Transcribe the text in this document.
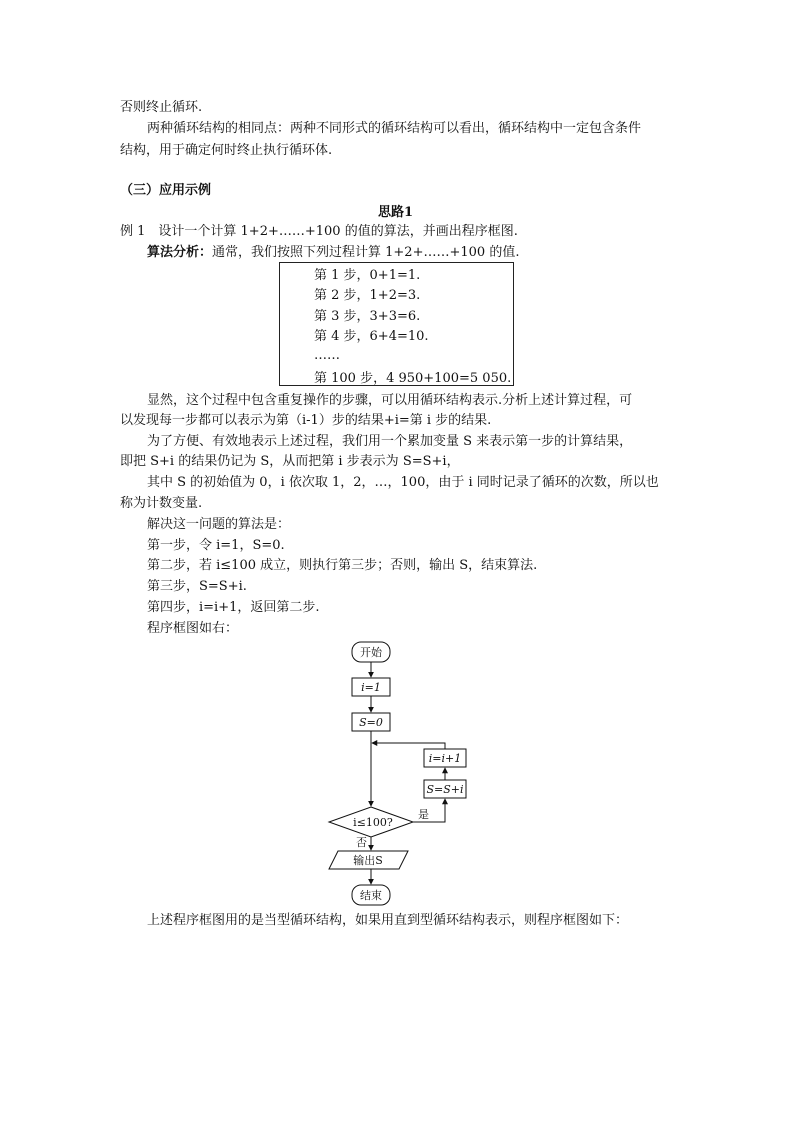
否则终止循环.
两种循环结构的相同点：两种不同形式的循环结构可以看出，循环结构中一定包含条件
结构，用于确定何时终止执行循环体.
（三）应用示例
思路1
例 1　设计一个计算 1+2+……+100 的值的算法，并画出程序框图.
算法分析：通常，我们按照下列过程计算 1+2+……+100 的值.
第 1 步，0+1=1.
第 2 步，1+2=3.
第 3 步，3+3=6.
第 4 步，6+4=10.
……
第 100 步，4 950+100=5 050.
显然，这个过程中包含重复操作的步骤，可以用循环结构表示.分析上述计算过程，可
以发现每一步都可以表示为第（i-1）步的结果+i=第 i 步的结果.
为了方便、有效地表示上述过程，我们用一个累加变量 S 来表示第一步的计算结果，
即把 S+i 的结果仍记为 S，从而把第 i 步表示为 S=S+i，
其中 S 的初始值为 0，i 依次取 1，2，…，100，由于 i 同时记录了循环的次数，所以也
称为计数变量.
解决这一问题的算法是：
第一步，令 i=1，S=0.
第二步，若 i≤100 成立，则执行第三步；否则，输出 S，结束算法.
第三步，S=S+i.
第四步，i=i+1，返回第二步.
程序框图如右：
开始
i=1
S=0
i=i+1
S=S+i
i≤100?
是
否
输出S
结束
上述程序框图用的是当型循环结构，如果用直到型循环结构表示，则程序框图如下：
